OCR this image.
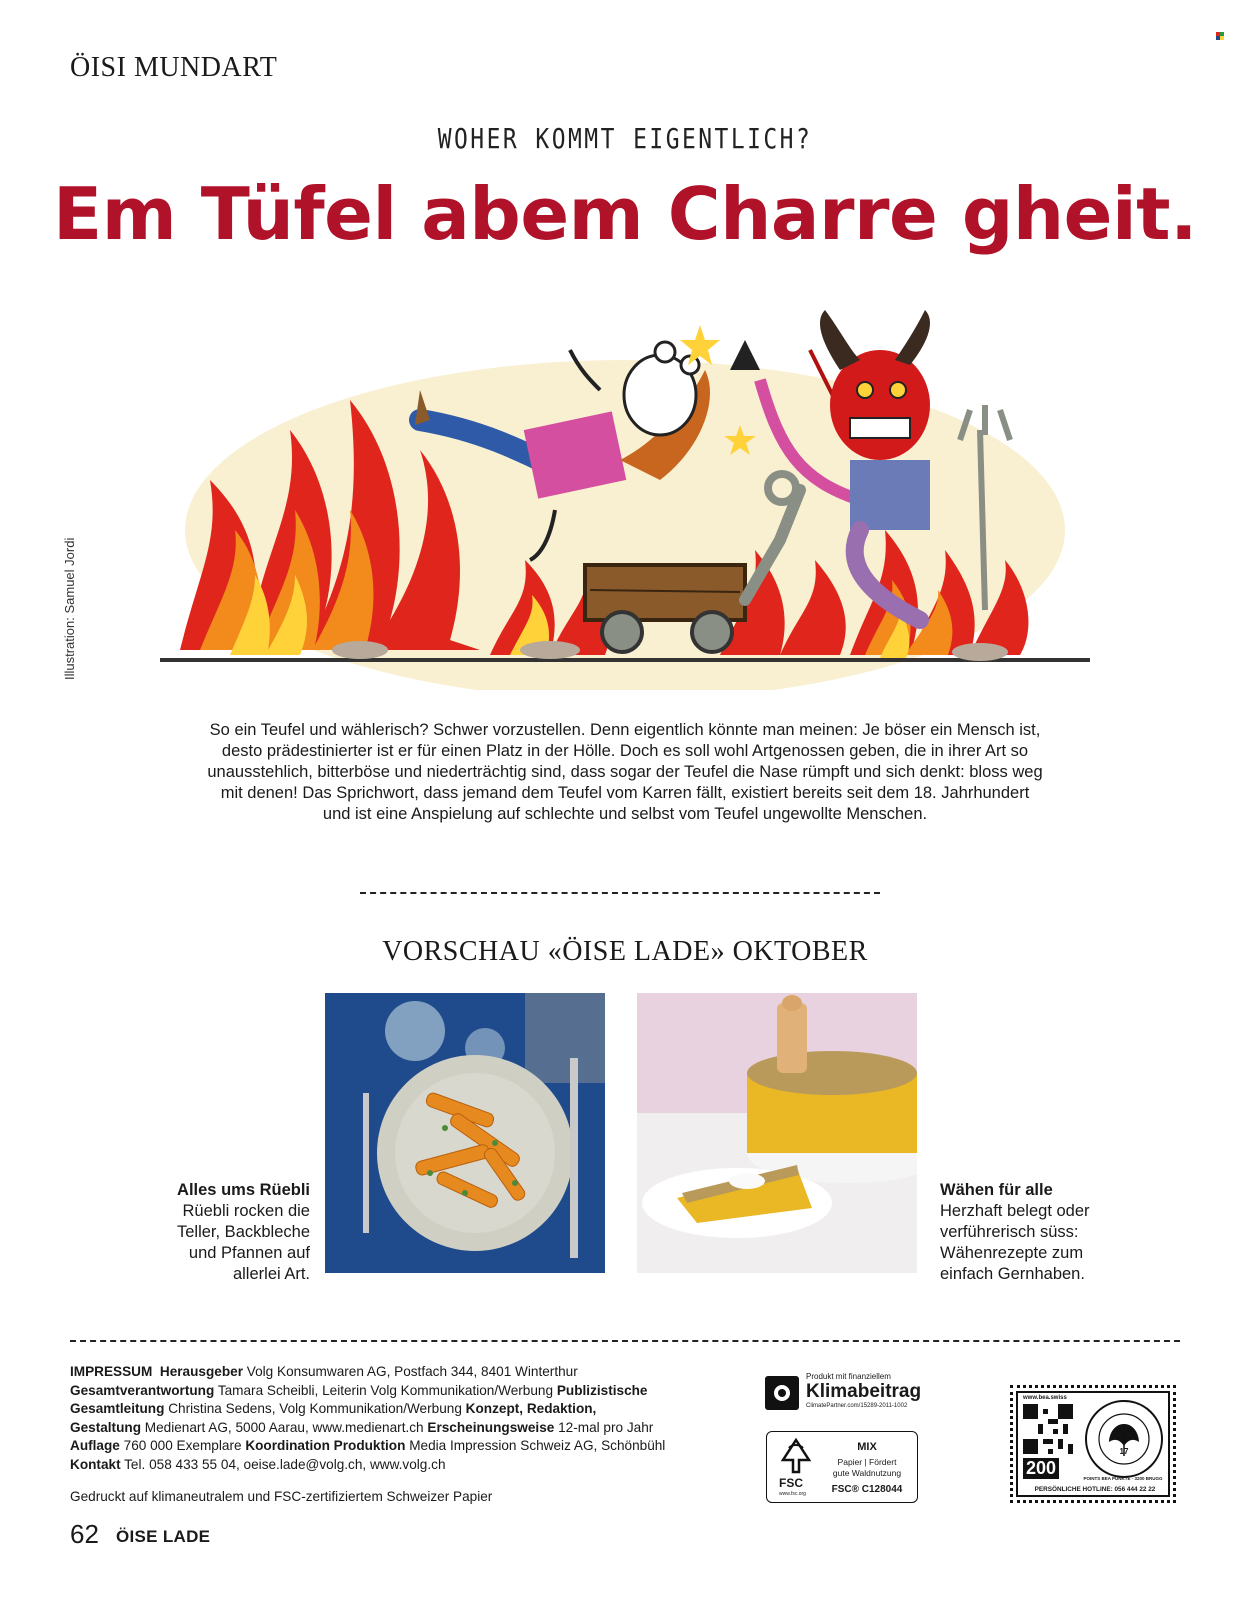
ÖISI MUNDART
WOHER KOMMT EIGENTLICH?
Em Tüfel abem Charre gheit.
Illustration: Samuel Jordi
So ein Teufel und wählerisch? Schwer vorzustellen. Denn eigentlich könnte man meinen: Je böser ein Mensch ist,
desto prädestinierter ist er für einen Platz in der Hölle. Doch es soll wohl Artgenossen geben, die in ihrer Art so
unausstehlich, bitterböse und niederträchtig sind, dass sogar der Teufel die Nase rümpft und sich denkt: bloss weg
mit denen! Das Sprichwort, dass jemand dem Teufel vom Karren fällt, existiert bereits seit dem 18. Jahrhundert
und ist eine Anspielung auf schlechte und selbst vom Teufel ungewollte Menschen.
VORSCHAU «ÖISE LADE» OKTOBER
Alles ums Rüebli
Rüebli rocken die
Teller, Backbleche
und Pfannen auf
allerlei Art.
Wähen für alle
Herzhaft belegt oder
verführerisch süss:
Wähenrezepte zum
einfach Gernhaben.
IMPRESSUM Herausgeber Volg Konsumwaren AG, Postfach 344, 8401 Winterthur
Gesamtverantwortung Tamara Scheibli, Leiterin Volg Kommunikation/Werbung Publizistische
Gesamtleitung Christina Sedens, Volg Kommunikation/Werbung Konzept, Redaktion,
Gestaltung Medienart AG, 5000 Aarau, www.medienart.ch Erscheinungsweise 12-mal pro Jahr
Auflage 760 000 Exemplare Koordination Produktion Media Impression Schweiz AG, Schönbühl
Kontakt Tel. 058 433 55 04, oeise.lade@volg.ch, www.volg.ch
Gedruckt auf klimaneutralem und FSC-zertifiziertem Schweizer Papier
Produkt mit finanziellem
Klimabeitrag
ClimatePartner.com/15289-2011-1002
FSC
www.fsc.org
MIX
Papier | Fördert
gute Waldnutzung
FSC® C128044
www.bea.swiss
200
17
POINTS BEA PUNKTE · 3200 BRUGG
PERSÖNLICHE HOTLINE: 056 444 22 22
62 ÖISE LADE
